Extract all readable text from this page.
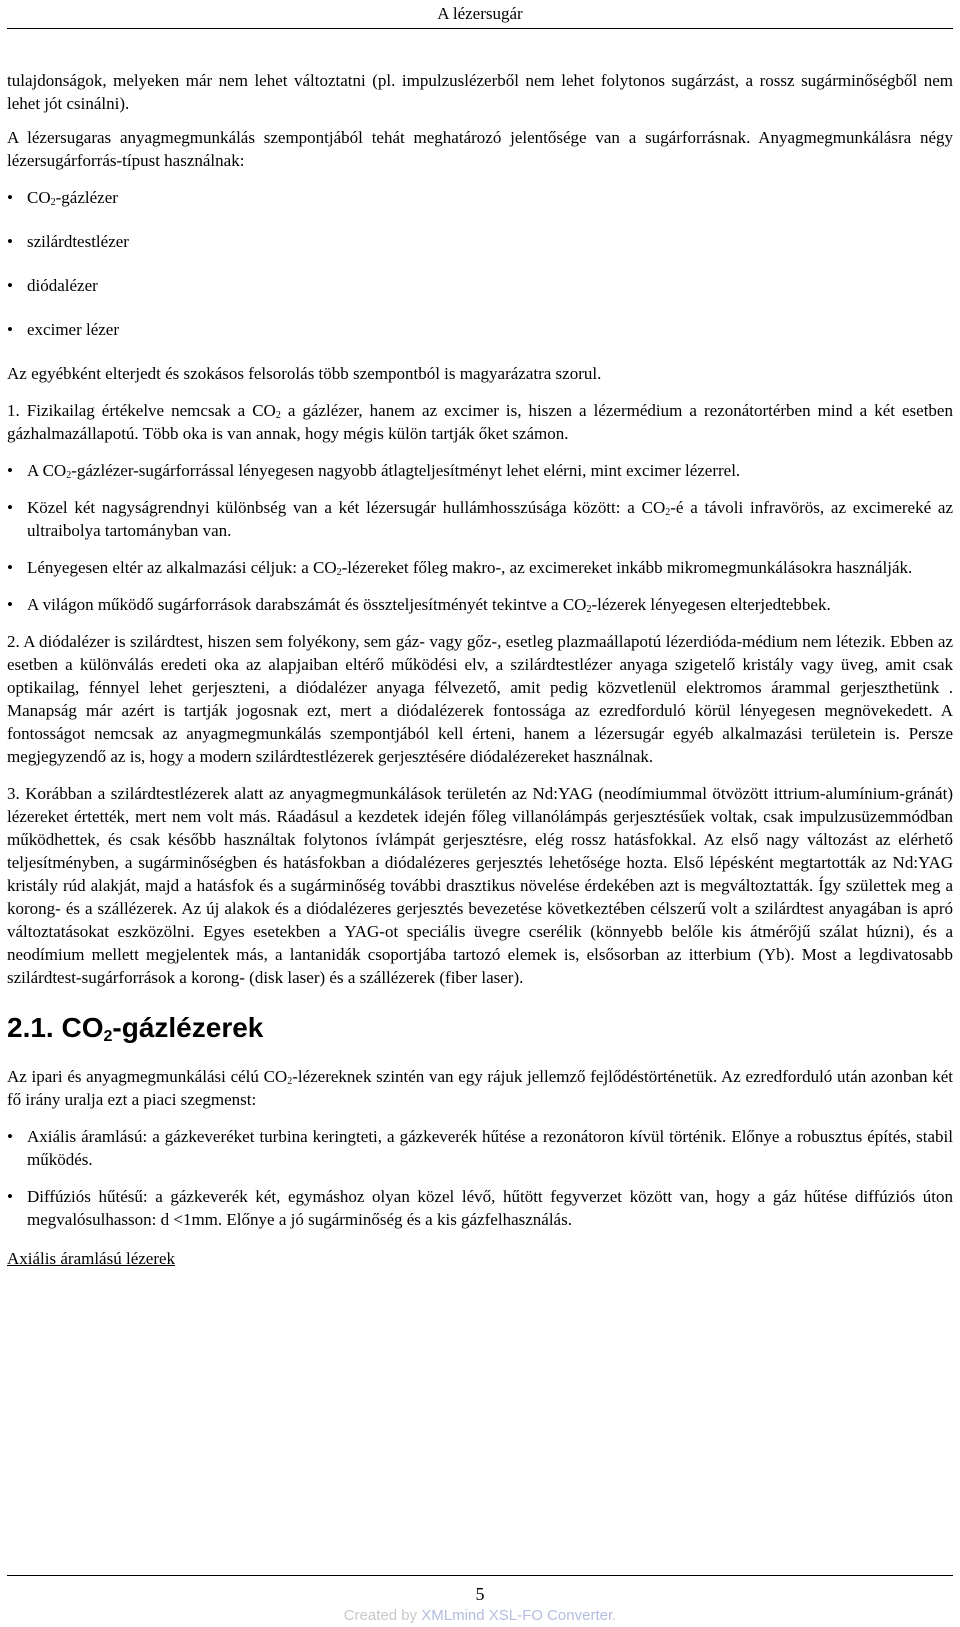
A lézersugár

tulajdonságok, melyeken már nem lehet változtatni (pl. impulzuslézerből nem lehet folytonos sugárzást, a rossz sugárminőségből nem lehet jót csinálni).

A lézersugaras anyagmegmunkálás szempontjából tehát meghatározó jelentősége van a sugárforrásnak. Anyagmegmunkálásra négy lézersugárforrás-típust használnak:

• $CO_2$-gázlézer
• szilárdtestlézer
• diódalézer
• excimer lézer

Az egyébként elterjedt és szokásos felsorolás több szempontból is magyarázatra szorul.

1. Fizikailag értékelve nemcsak a $CO_2$ a gázlézer, hanem az excimer is, hiszen a lézermédium a rezonátortérben mind a két esetben gázhalmazállapotú. Több oka is van annak, hogy mégis külön tartják őket számon.

• A $CO_2-gázlézer$-sugárforrással lényegesen nagyobb átlagteljesítményt lehet elérni, mint excimer lézerrel.
• Közel két nagyságrendnyi különbség van a két lézersugár hullámhosszúsága között: a $CO_2-é$ a távoli infravörös, az excimereké az ultraibolya tartományban van.
• Lényegesen eltér az alkalmazási céljuk: a $CO_2$-lézereket főleg makro-, az excimereket inkább mikromegmunkálásokra használják.
• A világon működő sugárforrások darabszámát és összteljesítményét tekintve a $CO_2$-lézerek lényegesen elterjedtebbek.

2. A diódalézer is szilárdtest, hiszen sem folyékony, sem gáz- vagy gőz-, esetleg plazmaállapotú lézerdióda-médium nem létezik. Ebben az esetben a különválás eredeti oka az alapjaiban eltérő működési elv, a szilárdtestlézer anyaga szigetelő kristály vagy üveg, amit csak optikailag, fénnyel lehet gerjeszteni, a diódalézer anyaga félvezető, amit pedig közvetlenül elektromos árammal gerjeszthetünk . Manapság már azért is tartják jogosnak ezt, mert a diódalézerek fontossága az ezredforduló körül lényegesen megnövekedett. A fontosságot nemcsak az anyagmegmunkálás szempontjából kell érteni, hanem a lézersugár egyéb alkalmazási területein is. Persze megjegyzendő az is, hogy a modern szilárdtestlézerek gerjesztésére diódalézereket használnak.

3. Korábban a szilárdtestlézerek alatt az anyagmegmunkálások területén az Nd:YAG (neodímiummal ötvözött ittrium-alumínium-gránát) lézereket értették, mert nem volt más. Ráadásul a kezdetek idején főleg villanólámpás gerjesztésűek voltak, csak impulzusüzemmódban működhettek, és csak később használtak folytonos ívlámpát gerjesztésre, elég rossz hatásfokkal. Az első nagy változást az elérhető teljesítményben, a sugárminőségben és hatásfokban a diódalézeres gerjesztés lehetősége hozta. Első lépésként megtartották az Nd:YAG kristály rúd alakját, majd a hatásfok és a sugárminőség további drasztikus növelése érdekében azt is megváltoztatták. Így születtek meg a korong- és a szállézerek. Az új alakok és a diódalézeres gerjesztés bevezetése következtében célszerű volt a szilárdtest anyagában is apró változtatásokat eszközölni. Egyes esetekben a YAG-ot speciális üvegre cserélik (könnyebb belőle kis átmérőjű szálat húzni), és a neodímium mellett megjelentek más, a lantanidák csoportjába tartozó elemek is, elsősorban az itterbium (Yb). Most a legdivatosabb szilárdtest-sugárforrások a korong- (disk laser) és a szállézerek (fiber laser).

2.1. $CO_2$-gázlézerek

Az ipari és anyagmegmunkálási célú $CO_2$-lézereknek szintén van egy rájuk jellemző fejlődéstörténetük. Az ezredforduló után azonban két fő irány uralja ezt a piaci szegmenst:

• Axiális áramlású: a gázkeveréket turbina keringteti, a gázkeverék hűtése a rezonátoron kívül történik. Előnye a robusztus építés, stabil működés.
• Diffúziós hűtésű: a gázkeverék két, egymáshoz olyan közel lévő, hűtött fegyverzet között van, hogy a gáz hűtése diffúziós úton megvalósulhasson: d <1mm. Előnye a jó sugárminőség és a kis gázfelhasználás.

Axiális áramlású lézerek

5
Created by XMLmind XSL-FO Converter.
